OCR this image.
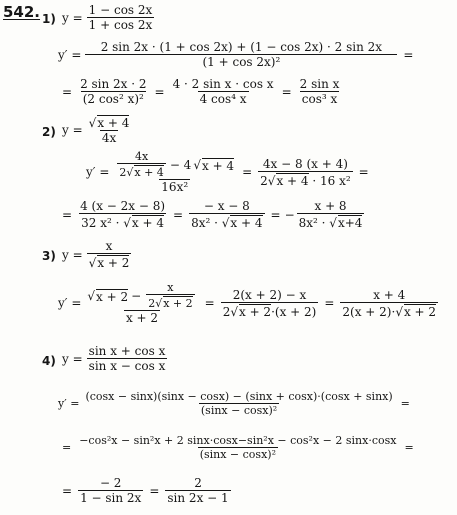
542. 1) $y = \frac{1 - \cos 2x}{1 + \cos 2x}$
$y' = \frac{2 \sin 2x \cdot (1 + \cos 2x) + (1 - \cos 2x) \cdot 2 \sin 2x}{\text{(1 + cos 2x)²}}$ =
= $\frac{2 \sin 2x \cdot 2}{\text{(2 cos² x)²}} = \frac{\text{4 · 2 sin x · cos x}}{\text{4 cos⁴ x}} = \frac{\text{2 sin x}}{\text{cos³ x}}$
2) $y = \frac{√x + 4}{4x}$
$y' = \frac{\frac{4x}{2√x + 4} - 4 √ x + 4}{\text{16x²}} = \frac{4x - 8 (x + 4)}{\text{2√x + 4 · 16 x²}}$ =
= $\frac{4 (x - 2x - 8)}{\text{32 x² · √x + 4}} = \frac{- x - 8}{\text{8x² · √x + 4}}$ = − $\frac{x + 8}{\text{8x² · √x+4}}$
3) $y = \frac{x}{√x + 2}$
$y' = \frac{√ x + 2 - \frac{x}{2√x + 2}}{x + 2} = \frac{2(x + 2) - x}{2√x + 2\cdot(x + 2)} = \frac{x + 4}{2(x + 2)\cdot√x + 2}$
4) $y = \frac{\text{sin x + cos x}}{\text{sin x − cos x}}$
$y' = \frac{(\cos x - \sin x)(\sin x - \cos x) - (\sin x + \cos x)\cdot(\cos x + \sin x)}{\text{(sinx − cosx)²}}$ =
= $\frac{\text{−cos²x − sin²x + 2 sinx·cosx−sin²x − cos²x − 2 sinx·cosx}}{\text{(sinx − cosx)²}}$ =
= $\frac{- 2}{1 - \sin 2x} = \frac{2}{\sin 2x - 1}$
